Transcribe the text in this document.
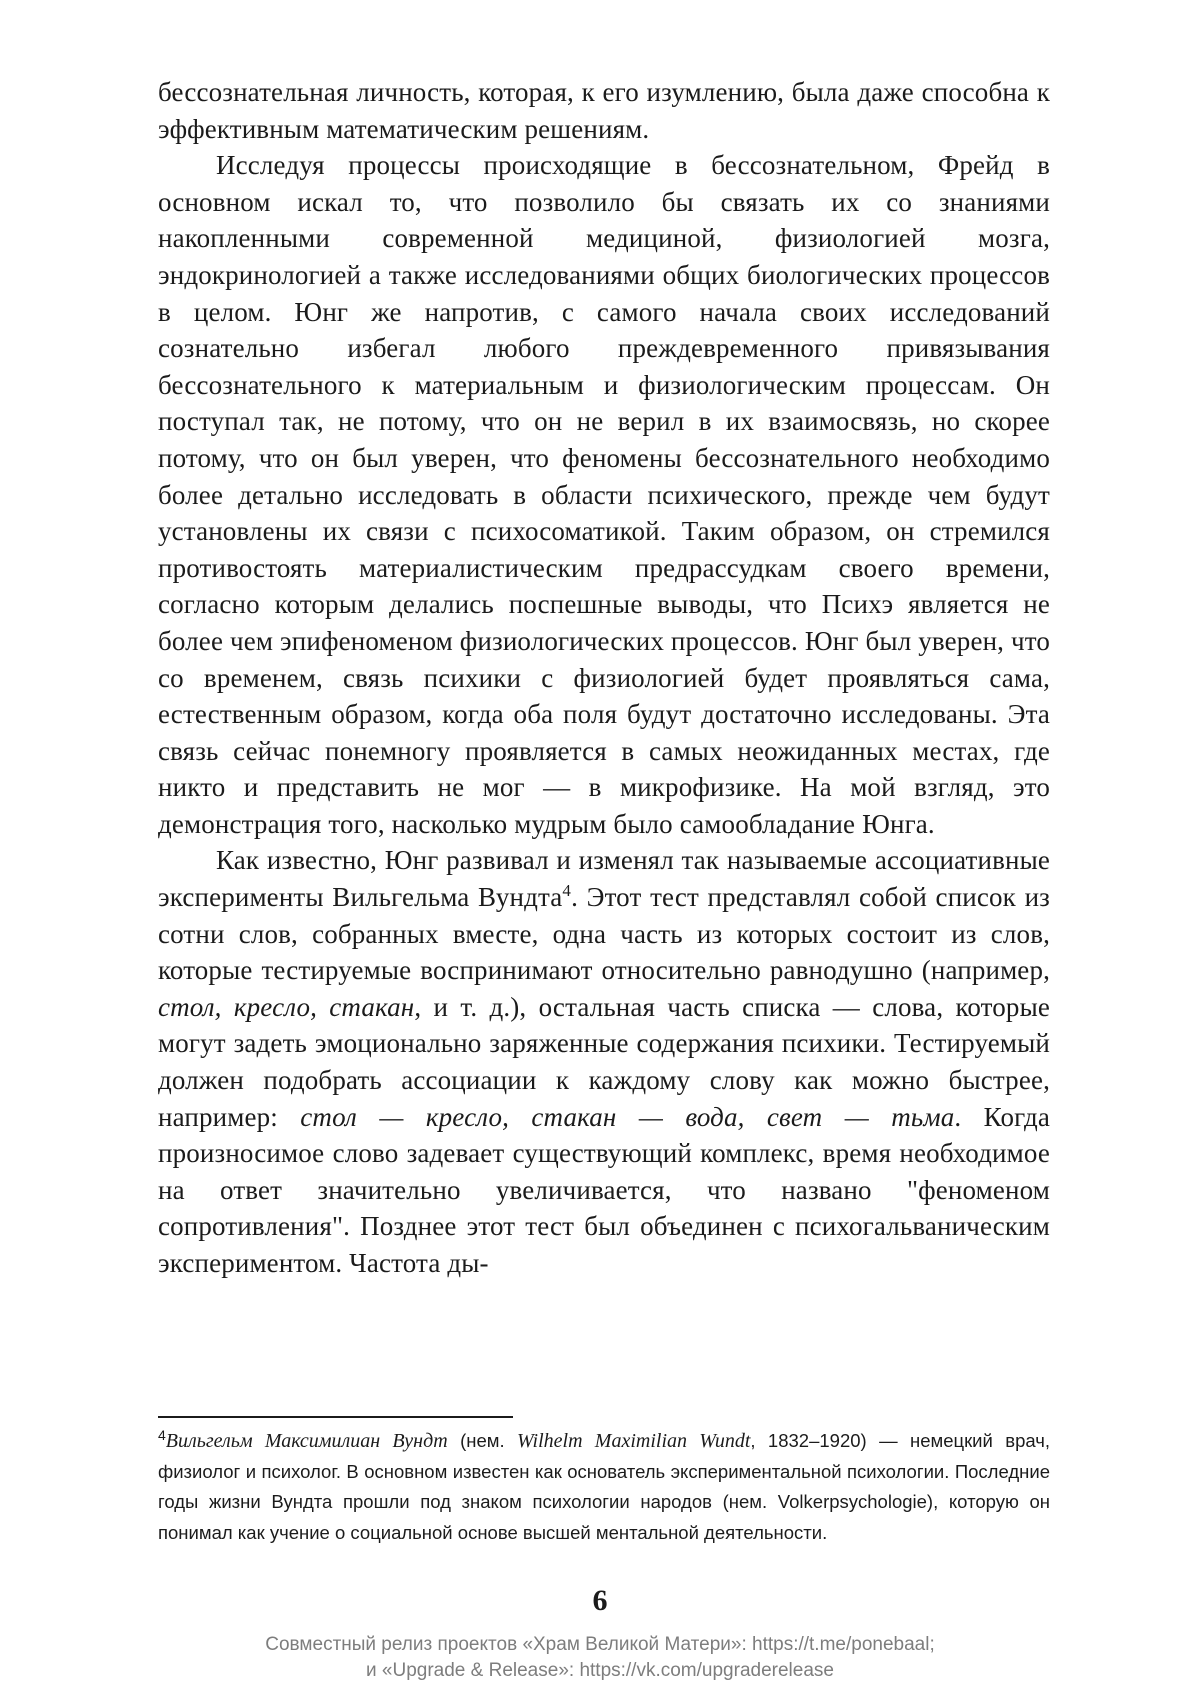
бессознательная личность, которая, к его изумлению, была даже способна к эффективным математическим решениям.

Исследуя процессы происходящие в бессознательном, Фрейд в основном искал то, что позволило бы связать их со знаниями накопленными современной медициной, физиологией мозга, эндокринологией а также исследованиями общих биологических процессов в целом. Юнг же напротив, с самого начала своих исследований сознательно избегал любого преждевременного привязывания бессознательного к материальным и физиологическим процессам. Он поступал так, не потому, что он не верил в их взаимосвязь, но скорее потому, что он был уверен, что феномены бессознательного необходимо более детально исследовать в области психического, прежде чем будут установлены их связи с психосоматикой. Таким образом, он стремился противостоять материалистическим предрассудкам своего времени, согласно которым делались поспешные выводы, что Психэ является не более чем эпифеноменом физиологических процессов. Юнг был уверен, что со временем, связь психики с физиологией будет проявляться сама, естественным образом, когда оба поля будут достаточно исследованы. Эта связь сейчас понемногу проявляется в самых неожиданных местах, где никто и представить не мог — в микрофизике. На мой взгляд, это демонстрация того, насколько мудрым было самообладание Юнга.

Как известно, Юнг развивал и изменял так называемые ассоциативные эксперименты Вильгельма Вундта$^4$. Этот тест представлял собой список из сотни слов, собранных вместе, одна часть из которых состоит из слов, которые тестируемые воспринимают относительно равнодушно (например, стол, кресло, стакан, и т. д.), остальная часть списка — слова, которые могут задеть эмоционально заряженные содержания психики. Тестируемый должен подобрать ассоциации к каждому слову как можно быстрее, например: стол — кресло, стакан — вода, свет — тьма. Когда произносимое слово задевает существующий комплекс, время необходимое на ответ значительно увеличивается, что названо "феноменом сопротивления". Позднее этот тест был объединен с психогальваническим экспериментом. Частота ды-

$^4$Вильгельм Максимилиан Вундт (нем. Wilhelm Maximilian Wundt, 1832–1920) — немецкий врач, физиолог и психолог. В основном известен как основатель экспериментальной психологии. Последние годы жизни Вундта прошли под знаком психологии народов (нем. Volkerpsychologie), которую он понимал как учение о социальной основе высшей ментальной деятельности.

6
Совместный релиз проектов «Храм Великой Матери»: https://t.me/ponebaal;
и «Upgrade & Release»: https://vk.com/upgraderelease
